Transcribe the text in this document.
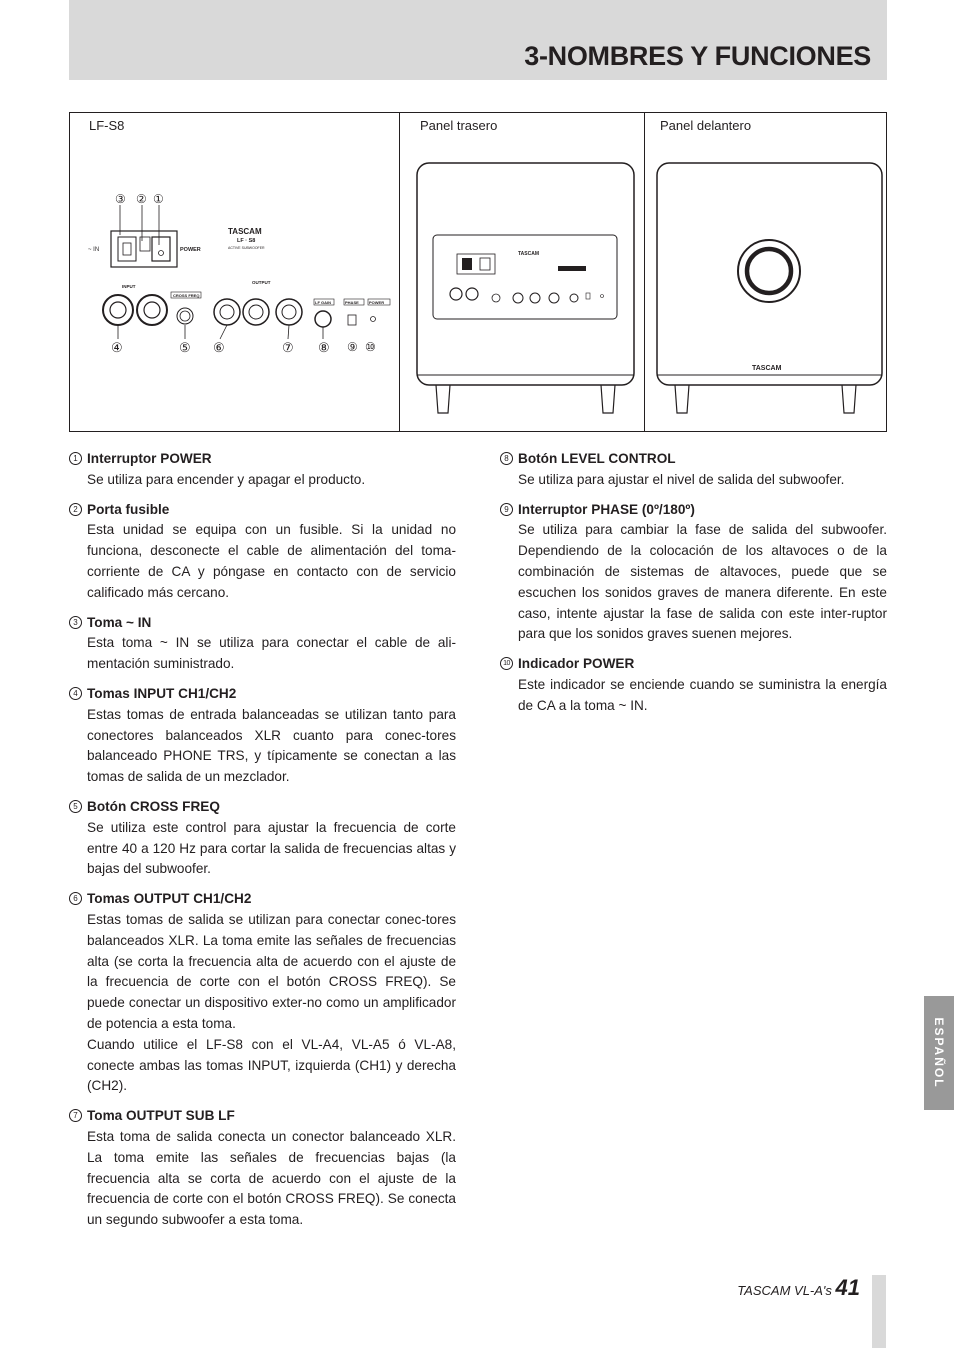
3-NOMBRES Y FUNCIONES
LF-S8
③ ② ①
~ IN	POWER
TASCAM
LF · S8
ACTIVE SUBWOOFER
INPUT
CROSS FREQ
OUTPUT
LF GAIN	PHASE	POWER
④	⑤ ⑥	⑦ ⑧ ⑨ ⑩
Panel trasero
TASCAM
Panel delantero
TASCAM
1 Interruptor POWER

Se utiliza para encender y apagar el producto.

2 Porta fusible

Esta unidad se equipa con un fusible. Si la unidad no funciona, desconecte el cable de alimentación del toma-corriente de CA y póngase en contacto con de servicio calificado más cercano.

3 Toma ~ IN

Esta toma ~ IN se utiliza para conectar el cable de ali-mentación suministrado.

4 Tomas INPUT CH1/CH2

Estas tomas de entrada balanceadas se utilizan tanto para conectores balanceados XLR cuanto para conec-tores balanceado PHONE TRS, y típicamente se conectan a las tomas de salida de un mezclador.

5 Botón CROSS FREQ

Se utiliza este control para ajustar la frecuencia de corte entre 40 a 120 Hz para cortar la salida de frecuencias altas y bajas del subwoofer.

6 Tomas OUTPUT CH1/CH2

Estas tomas de salida se utilizan para conectar conec-tores balanceados XLR. La toma emite las señales de frecuencias alta (se corta la frecuencia alta de acuerdo con el ajuste de la frecuencia de corte con el botón CROSS FREQ). Se puede conectar un dispositivo exter-no como un amplificador de potencia a esta toma.

Cuando utilice el LF-S8 con el VL-A4, VL-A5 ó VL-A8, conecte ambas las tomas INPUT, izquierda (CH1) y derecha (CH2).

7 Toma OUTPUT SUB LF

Esta toma de salida conecta un conector balanceado XLR. La toma emite las señales de frecuencias bajas (la frecuencia alta se corta de acuerdo con el ajuste de la frecuencia de corte con el botón CROSS FREQ). Se conecta un segundo subwoofer a esta toma.

8 Botón LEVEL CONTROL

Se utiliza para ajustar el nivel de salida del subwoofer.

9 Interruptor PHASE (0º/180º)

Se utiliza para cambiar la fase de salida del subwoofer. Dependiendo de la colocación de los altavoces o de la combinación de sistemas de altavoces, puede que se escuchen los sonidos graves de manera diferente. En este caso, intente ajustar la fase de salida con este inter-ruptor para que los sonidos graves suenen mejores.

10 Indicador POWER

Este indicador se enciende cuando se suministra la energía de CA a la toma ~ IN.

ESPAÑOL
TASCAM VL-A's 41
